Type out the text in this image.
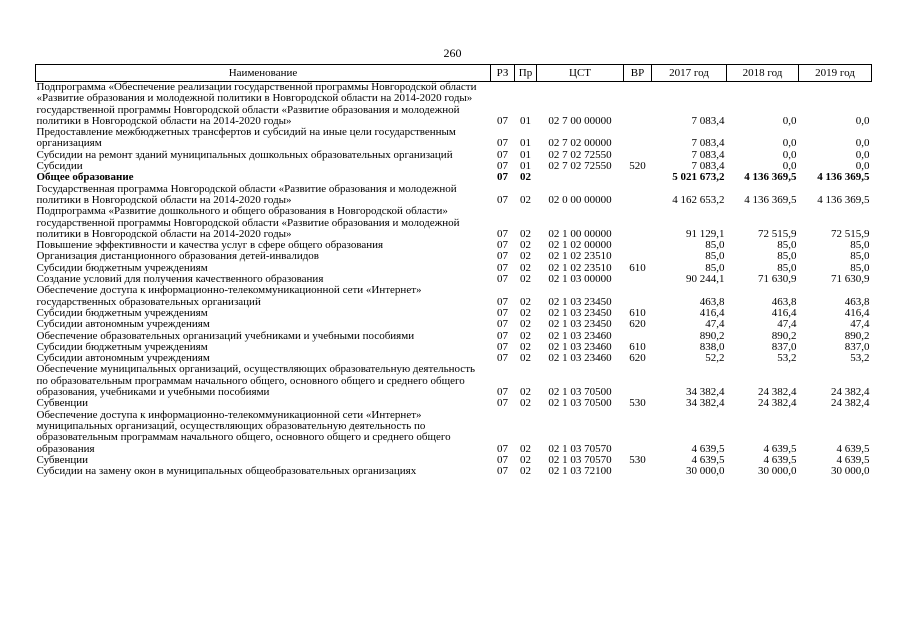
260
Наименование	РЗ	Пр	ЦСТ	ВР	2017 год	2018 год	2019 год
Подпрограмма «Обеспечение реализации государственной программы Новгородской области «Развитие образования и молодежной политики в Новгородской области на 2014-2020 годы» государственной программы Новгородской области «Развитие образования и молодежной политики в Новгородской области на 2014-2020 годы»	07	01	02 7 00 00000		7 083,4	0,0	0,0
Предоставление межбюджетных трансфертов и субсидий на иные цели государственным организациям	07	01	02 7 02 00000		7 083,4	0,0	0,0
Субсидии на ремонт зданий муниципальных дошкольных образовательных организаций	07	01	02 7 02 72550		7 083,4	0,0	0,0
Субсидии	07	01	02 7 02 72550	520	7 083,4	0,0	0,0
Общее образование	07	02			5 021 673,2	4 136 369,5	4 136 369,5
Государственная программа Новгородской области «Развитие образования и молодежной политики в Новгородской области на 2014-2020 годы»	07	02	02 0 00 00000		4 162 653,2	4 136 369,5	4 136 369,5
Подпрограмма «Развитие дошкольного и общего образования в Новгородской области» государственной программы Новгородской области «Развитие образования и молодежной политики в Новгородской области на 2014-2020 годы»	07	02	02 1 00 00000		91 129,1	72 515,9	72 515,9
Повышение эффективности и качества услуг в сфере общего образования	07	02	02 1 02 00000		85,0	85,0	85,0
Организация дистанционного образования детей-инвалидов	07	02	02 1 02 23510		85,0	85,0	85,0
Субсидии бюджетным учреждениям	07	02	02 1 02 23510	610	85,0	85,0	85,0
Создание условий для получения качественного образования	07	02	02 1 03 00000		90 244,1	71 630,9	71 630,9
Обеспечение доступа к информационно-телекоммуникационной сети «Интернет» государственных образовательных организаций	07	02	02 1 03 23450		463,8	463,8	463,8
Субсидии бюджетным учреждениям	07	02	02 1 03 23450	610	416,4	416,4	416,4
Субсидии автономным учреждениям	07	02	02 1 03 23450	620	47,4	47,4	47,4
Обеспечение образовательных организаций учебниками и учебными пособиями	07	02	02 1 03 23460		890,2	890,2	890,2
Субсидии бюджетным учреждениям	07	02	02 1 03 23460	610	838,0	837,0	837,0
Субсидии автономным учреждениям	07	02	02 1 03 23460	620	52,2	53,2	53,2
Обеспечение муниципальных организаций, осуществляющих образовательную деятельность по образовательным программам начального общего, основного общего и среднего общего образования, учебниками и учебными пособиями	07	02	02 1 03 70500		34 382,4	24 382,4	24 382,4
Субвенции	07	02	02 1 03 70500	530	34 382,4	24 382,4	24 382,4
Обеспечение доступа к информационно-телекоммуникационной сети «Интернет» муниципальных организаций, осуществляющих образовательную деятельность по образовательным программам начального общего, основного общего и среднего общего образования	07	02	02 1 03 70570		4 639,5	4 639,5	4 639,5
Субвенции	07	02	02 1 03 70570	530	4 639,5	4 639,5	4 639,5
Субсидии на замену окон в муниципальных общеобразовательных организациях	07	02	02 1 03 72100		30 000,0	30 000,0	30 000,0
